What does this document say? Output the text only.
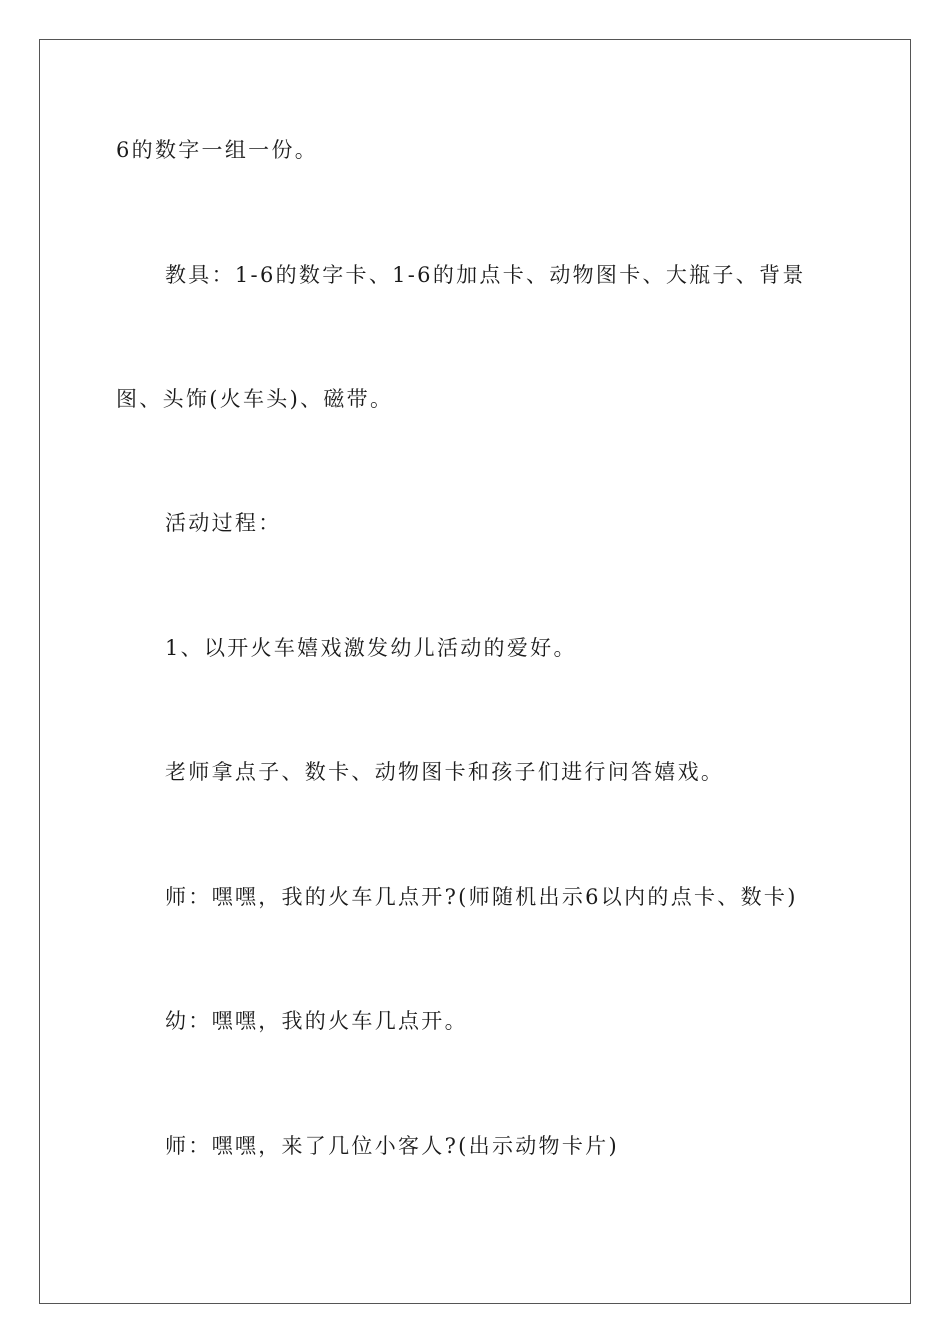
6的数字一组一份。
教具：1-6的数字卡、1-6的加点卡、动物图卡、大瓶子、背景
图、头饰(火车头)、磁带。
活动过程：
1、以开火车嬉戏激发幼儿活动的爱好。
老师拿点子、数卡、动物图卡和孩子们进行问答嬉戏。
师：嘿嘿，我的火车几点开?(师随机出示6以内的点卡、数卡)
幼：嘿嘿，我的火车几点开。
师：嘿嘿，来了几位小客人?(出示动物卡片)
